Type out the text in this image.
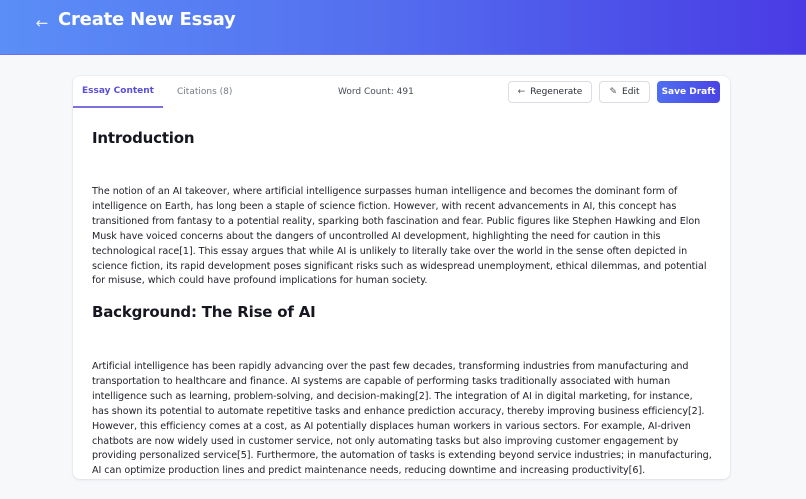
← Create New Essay
Essay Content	Citations (8)	Word Count: 491	← Regenerate	✎ Edit	Save Draft
Introduction
The notion of an AI takeover, where artificial intelligence surpasses human intelligence and becomes the dominant form of intelligence on Earth, has long been a staple of science fiction. However, with recent advancements in AI, this concept has transitioned from fantasy to a potential reality, sparking both fascination and fear. Public figures like Stephen Hawking and Elon Musk have voiced concerns about the dangers of uncontrolled AI development, highlighting the need for caution in this technological race[1]. This essay argues that while AI is unlikely to literally take over the world in the sense often depicted in science fiction, its rapid development poses significant risks such as widespread unemployment, ethical dilemmas, and potential for misuse, which could have profound implications for human society.
Background: The Rise of AI
Artificial intelligence has been rapidly advancing over the past few decades, transforming industries from manufacturing and transportation to healthcare and finance. AI systems are capable of performing tasks traditionally associated with human intelligence such as learning, problem-solving, and decision-making[2]. The integration of AI in digital marketing, for instance, has shown its potential to automate repetitive tasks and enhance prediction accuracy, thereby improving business efficiency[2]. However, this efficiency comes at a cost, as AI potentially displaces human workers in various sectors. For example, AI-driven chatbots are now widely used in customer service, not only automating tasks but also improving customer engagement by providing personalized service[5]. Furthermore, the automation of tasks is extending beyond service industries; in manufacturing, AI can optimize production lines and predict maintenance needs, reducing downtime and increasing productivity[6].
